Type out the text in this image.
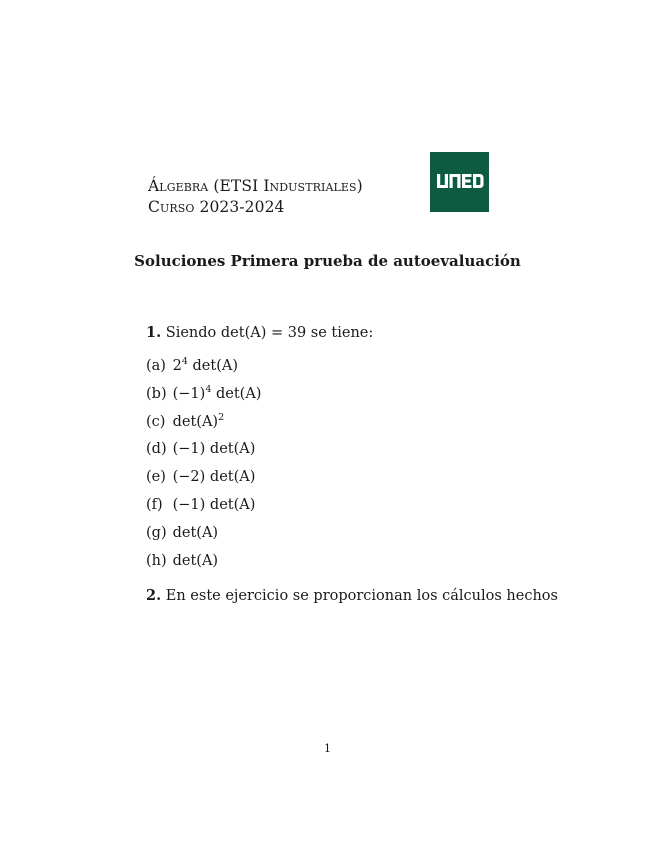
Álgebra (ETSI Industriales)
Curso 2023-2024
Soluciones Primera prueba de autoevaluación
1. Siendo det(A) = 39 se tiene:
(a) $2^4$ det(A)
(b) $(-1)^4$ det(A)
(c) $\det(A)^2$
(d) (−1) det(A)
(e) (−2) det(A)
(f) (−1) det(A)
(g) det(A)
(h) det(A)
2. En este ejercicio se proporcionan los cálculos hechos
1
